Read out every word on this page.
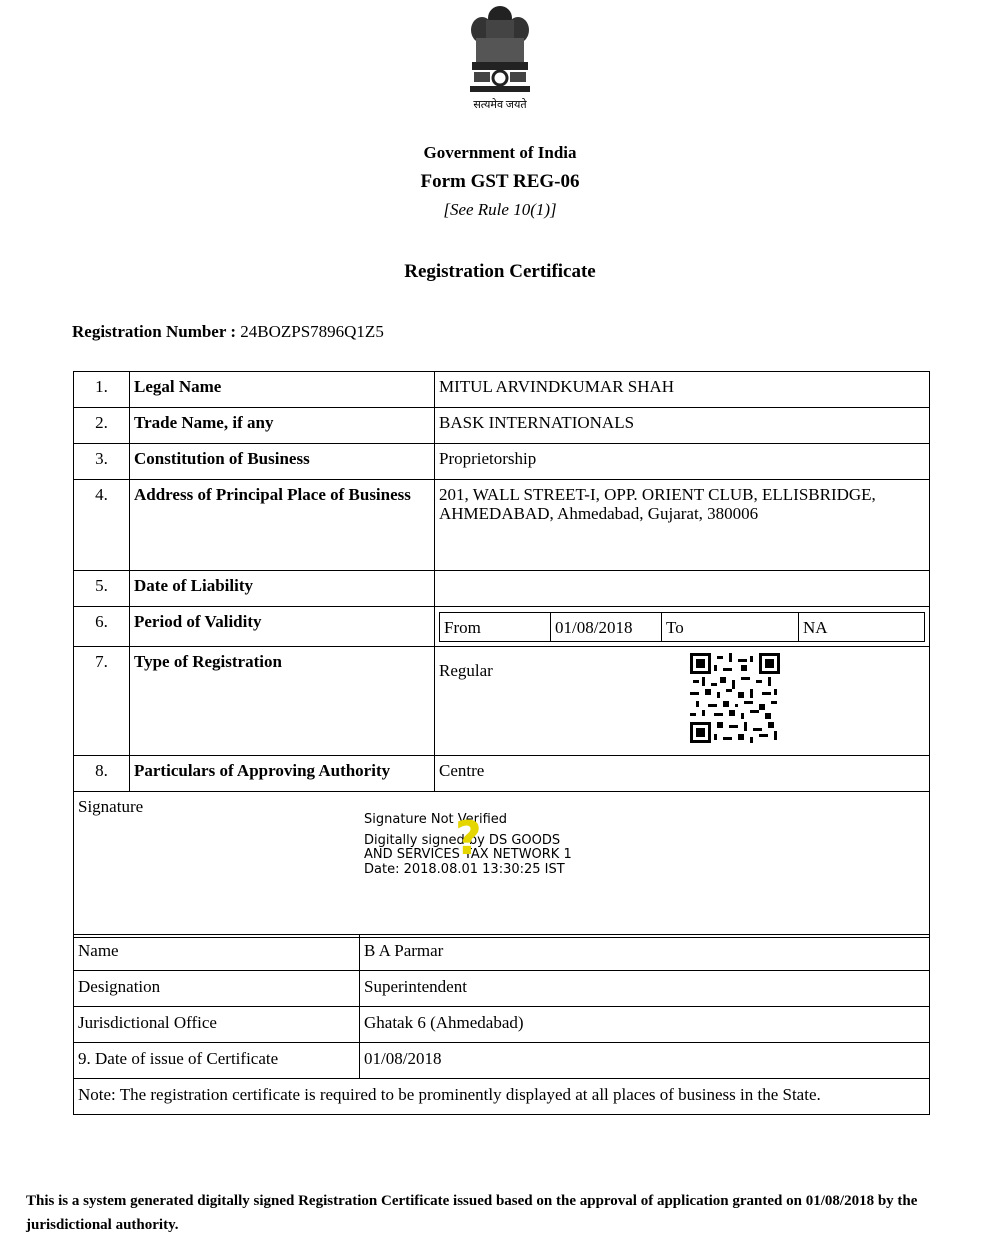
सत्यमेव जयते
Government of India
Form GST REG-06
[See Rule 10(1)]
Registration Certificate
Registration Number : 24BOZPS7896Q1Z5
1.	Legal Name	MITUL ARVINDKUMAR SHAH
2.	Trade Name, if any	BASK INTERNATIONALS
3.	Constitution of Business	Proprietorship
4.	Address of Principal Place of Business	201, WALL STREET-I, OPP. ORIENT CLUB, ELLISBRIDGE, AHMEDABAD, Ahmedabad, Gujarat, 380006
5.	Date of Liability	
6.	Period of Validity		From	01/08/2018	To	NA

7.	Type of Registration	Regular
8.	Particulars of Approving Authority	Centre
Signature
Signature Not Verified
Digitally signed by DS GOODS
AND SERVICES TAX NETWORK 1
Date: 2018.08.01 13:30:25 IST
?
Name	B A Parmar
Designation	Superintendent
Jurisdictional Office	Ghatak 6 (Ahmedabad)
9. Date of issue of Certificate	01/08/2018
Note: The registration certificate is required to be prominently displayed at all places of business in the State.	
This is a system generated digitally signed Registration Certificate issued based on the approval of application granted on 01/08/2018 by the jurisdictional authority.
